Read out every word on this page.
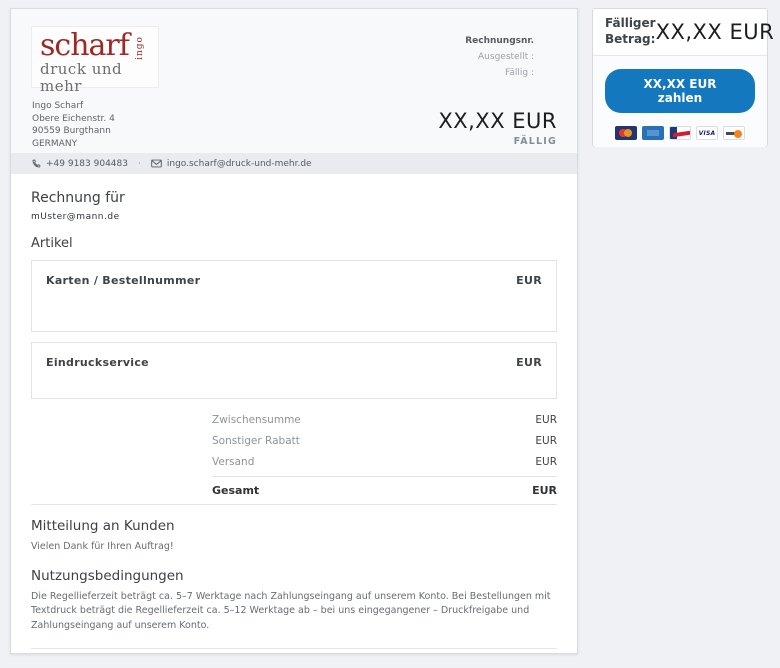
scharf ingo
druck und mehr
Ingo Scharf
Obere Eichenstr. 4
90559 Burgthann
GERMANY
Rechnungsnr.
Ausgestellt :
Fällig :
XX,XX EUR
FÄLLIG
+49 9183 904483 ·	ingo.scharf@druck-und-mehr.de
Rechnung für
mUster@mann.de
Artikel
Karten / Bestellnummer	EUR
Eindruckservice	EUR
Zwischensumme	EUR
Sonstiger Rabatt	EUR
Versand	EUR
Gesamt	EUR
Mitteilung an Kunden
Vielen Dank für Ihren Auftrag!
Nutzungsbedingungen
Die Regellieferzeit beträgt ca. 5–7 Werktage nach Zahlungseingang auf unserem Konto. Bei Bestellungen mit Textdruck beträgt die Regellieferzeit ca. 5–12 Werktage ab – bei uns eingegangener – Druckfreigabe und Zahlungseingang auf unserem Konto.
Fälliger Betrag: XX,XX EUR
XX,XX EUR zahlen
VISA
